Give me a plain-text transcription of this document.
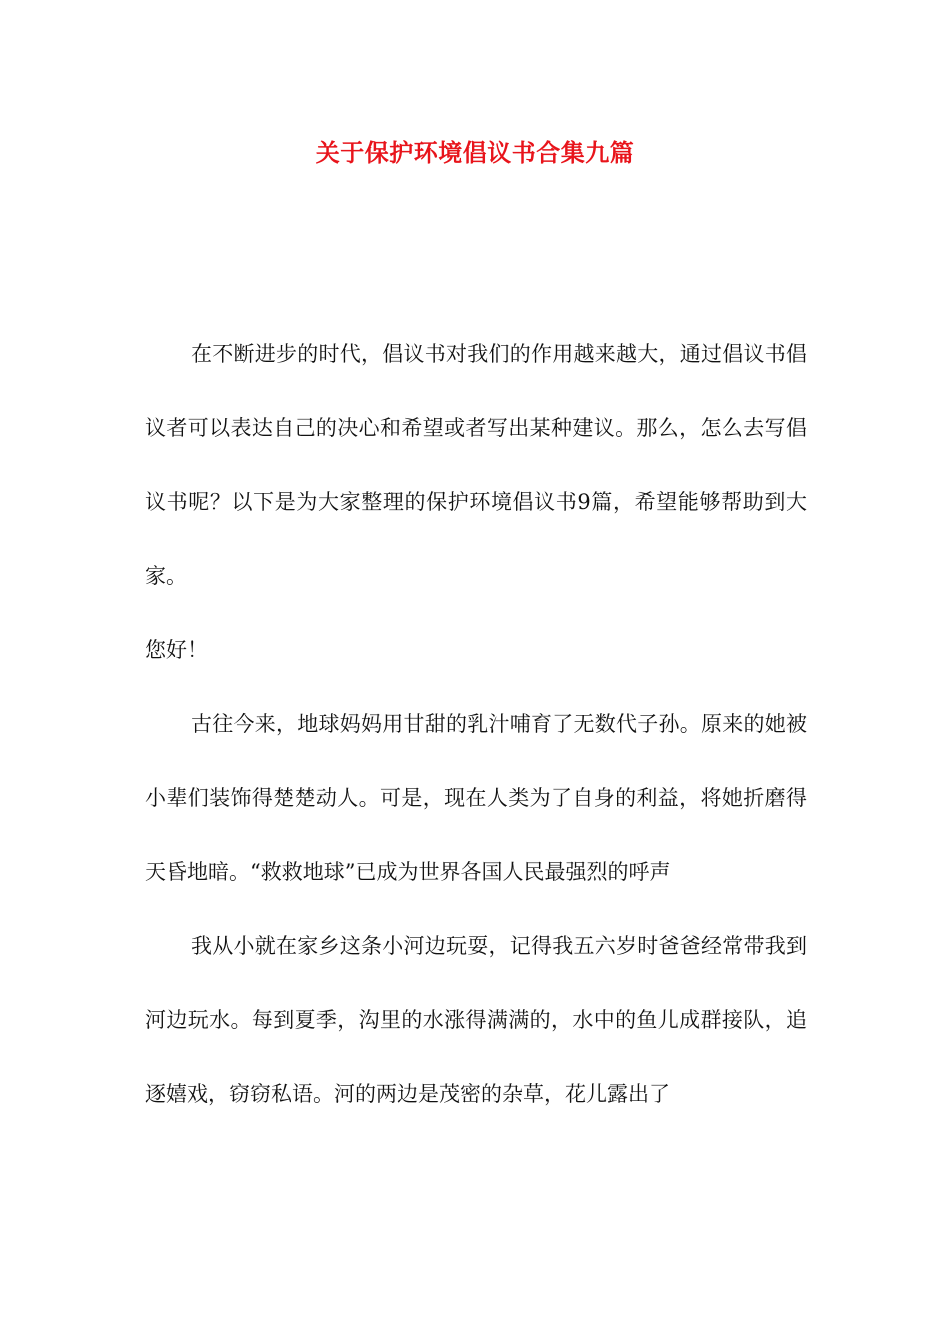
关于保护环境倡议书合集九篇

在不断进步的时代，倡议书对我们的作用越来越大，通过倡议书倡议者可以表达自己的决心和希望或者写出某种建议。那么，怎么去写倡议书呢？以下是为大家整理的保护环境倡议书9篇，希望能够帮助到大家。

您好！

古往今来，地球妈妈用甘甜的乳汁哺育了无数代子孙。原来的她被小辈们装饰得楚楚动人。可是，现在人类为了自身的利益，将她折磨得天昏地暗。“救救地球”已成为世界各国人民最强烈的呼声

我从小就在家乡这条小河边玩耍，记得我五六岁时爸爸经常带我到河边玩水。每到夏季，沟里的水涨得满满的，水中的鱼儿成群接队，追逐嬉戏，窃窃私语。河的两边是茂密的杂草，花儿露出了
